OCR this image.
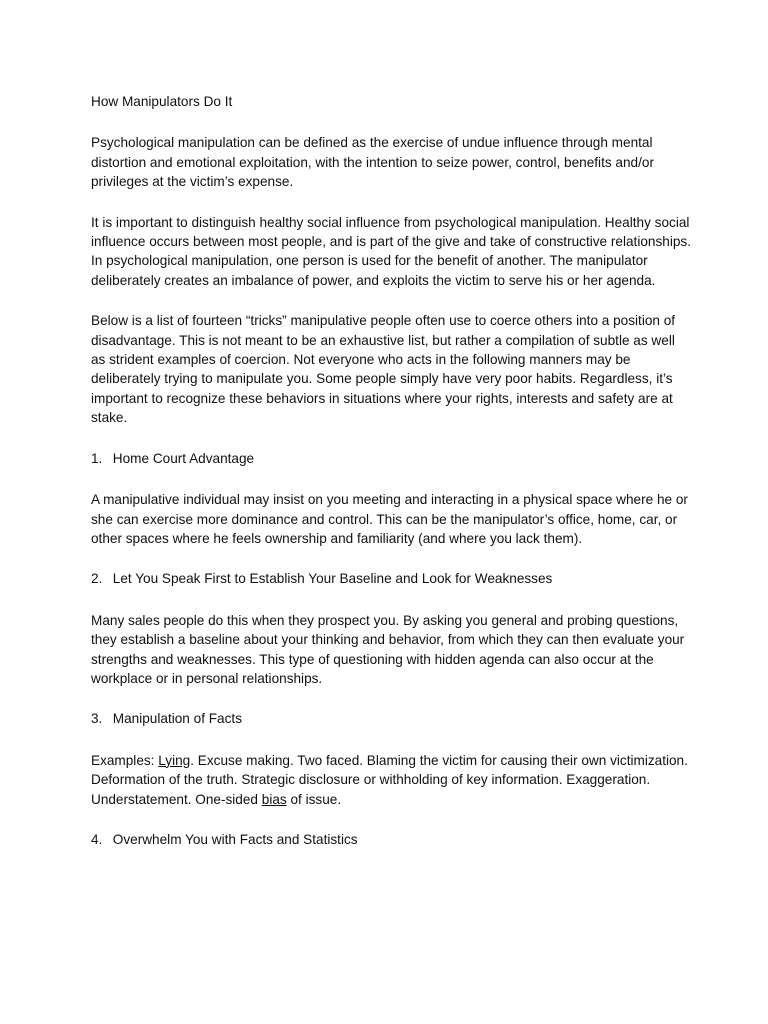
How Manipulators Do It

Psychological manipulation can be defined as the exercise of undue influence through mental distortion and emotional exploitation, with the intention to seize power, control, benefits and/or privileges at the victim’s expense.

It is important to distinguish healthy social influence from psychological manipulation. Healthy social influence occurs between most people, and is part of the give and take of constructive relationships. In psychological manipulation, one person is used for the benefit of another. The manipulator deliberately creates an imbalance of power, and exploits the victim to serve his or her agenda.

Below is a list of fourteen “tricks” manipulative people often use to coerce others into a position of disadvantage. This is not meant to be an exhaustive list, but rather a compilation of subtle as well as strident examples of coercion. Not everyone who acts in the following manners may be deliberately trying to manipulate you. Some people simply have very poor habits. Regardless, it’s important to recognize these behaviors in situations where your rights, interests and safety are at stake.

1. Home Court Advantage

A manipulative individual may insist on you meeting and interacting in a physical space where he or she can exercise more dominance and control. This can be the manipulator’s office, home, car, or other spaces where he feels ownership and familiarity (and where you lack them).

2. Let You Speak First to Establish Your Baseline and Look for Weaknesses

Many sales people do this when they prospect you. By asking you general and probing questions, they establish a baseline about your thinking and behavior, from which they can then evaluate your strengths and weaknesses. This type of questioning with hidden agenda can also occur at the workplace or in personal relationships.

3. Manipulation of Facts

Examples: Lying. Excuse making. Two faced. Blaming the victim for causing their own victimization. Deformation of the truth. Strategic disclosure or withholding of key information. Exaggeration. Understatement. One-sided bias of issue.

4. Overwhelm You with Facts and Statistics
